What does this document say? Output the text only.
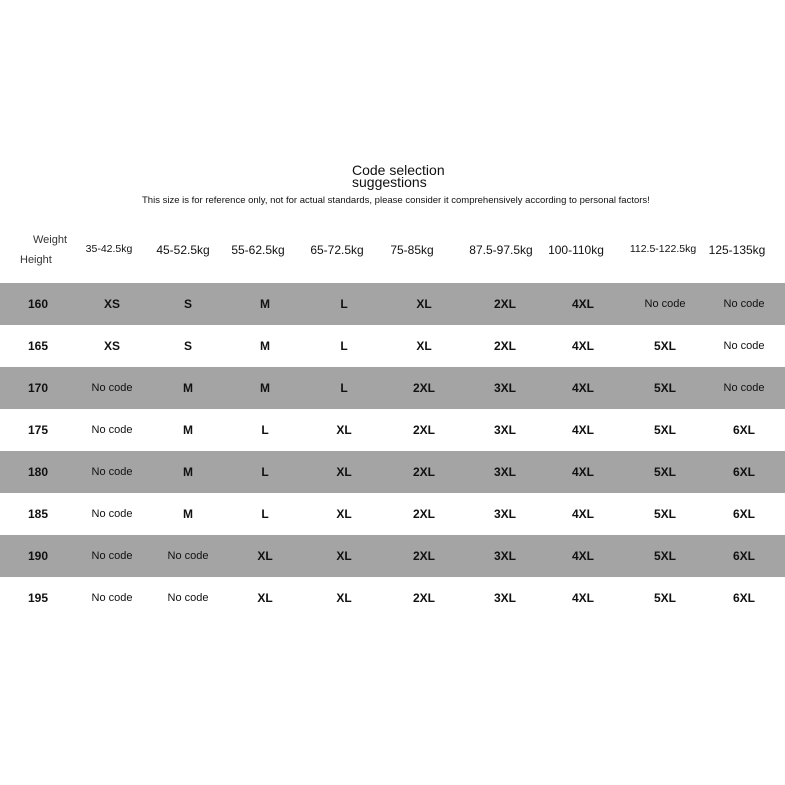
Code selection suggestions
This size is for reference only, not for actual standards, please consider it comprehensively according to personal factors!
Weight
Height
35-42.5kg	45-52.5kg	55-62.5kg	65-72.5kg	75-85kg	87.5-97.5kg	100-110kg	112.5-122.5kg	125-135kg
160	XS	S	M	L	XL	2XL	4XL	No code	No code
165	XS	S	M	L	XL	2XL	4XL	5XL	No code
170	No code	M	M	L	2XL	3XL	4XL	5XL	No code
175	No code	M	L	XL	2XL	3XL	4XL	5XL	6XL
180	No code	M	L	XL	2XL	3XL	4XL	5XL	6XL
185	No code	M	L	XL	2XL	3XL	4XL	5XL	6XL
190	No code	No code	XL	XL	2XL	3XL	4XL	5XL	6XL
195	No code	No code	XL	XL	2XL	3XL	4XL	5XL	6XL
